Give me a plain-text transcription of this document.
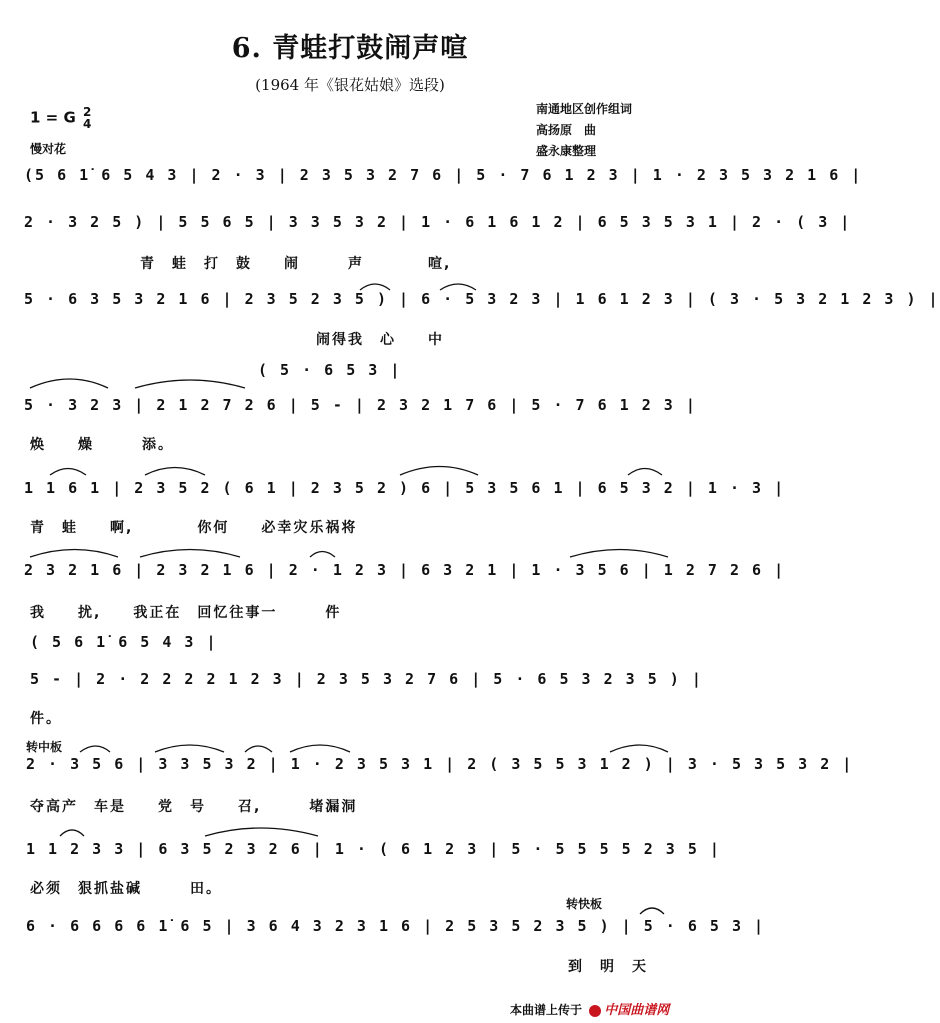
6. 青蛙打鼓闹声喧
(1964 年《银花姑娘》选段)
南通地区创作组词
高扬原　曲
盛永康整理
1 = G 2
4
慢对花
(5 6 1̇ 6 5 4 3 | 2 · 3 | 2 3 5 3 2 7 6 | 5 · 7 6 1 2 3 | 1 · 2 3 5 3 2 1 6 |
2 · 3 2 5 ) | 5 5 6 5 | 3 3 5 3 2 | 1 · 6 1 6 1 2 | 6 5 3 5 3 1 | 2 · ( 3 |
青　蛙　打　鼓　　闹　　　声　　　　喧,
5 · 6 3 5 3 2 1 6 | 2 3 5 2 3 5 ) | 6 · 5 3 2 3 | 1 6 1 2 3 | ( 3 · 5 3 2 1 2 3 ) |
闹得我　心　　中
( 5 · 6 5 3 |
5 · 3 2 3 | 2 1 2 7 2 6 | 5 - | 2 3 2 1 7 6 | 5 · 7 6 1 2 3 |
焕　　燥　　　添。
1 1 6 1 | 2 3 5 2 ( 6 1 | 2 3 5 2 ) 6 | 5 3 5 6 1 | 6 5 3 2 | 1 · 3 |
青　蛙　　啊,　　　　你何　　必幸灾乐祸将
2 3 2 1 6 | 2 3 2 1 6 | 2 · 1 2 3 | 6 3 2 1 | 1 · 3 5 6 | 1 2 7 2 6 |
我　　扰,　　我正在　回忆往事一　　　件
( 5 6 1̇ 6 5 4 3 |
5 - | 2 · 2 2 2 2 1 2 3 | 2 3 5 3 2 7 6 | 5 · 6 5 3 2 3 5 ) |
件。
转中板
2 · 3 5 6 | 3 3 5 3 2 | 1 · 2 3 5 3 1 | 2 ( 3 5 5 3 1 2 ) | 3 · 5 3 5 3 2 |
夺高产　车是　　党　号　　召,　　　堵漏洞
1 1 2 3 3 | 6 3 5 2 3 2 6 | 1 · ( 6 1 2 3 | 5 · 5 5 5 5 2 3 5 |
必须　狠抓盐碱　　　田。
转快板
6 · 6 6 6 6 1̇ 6 5 | 3 6 4 3 2 3 1 6 | 2 5 3 5 2 3 5 ) | 5 · 6 5 3 |
到　明　天
本曲谱上传于 中国曲谱网
